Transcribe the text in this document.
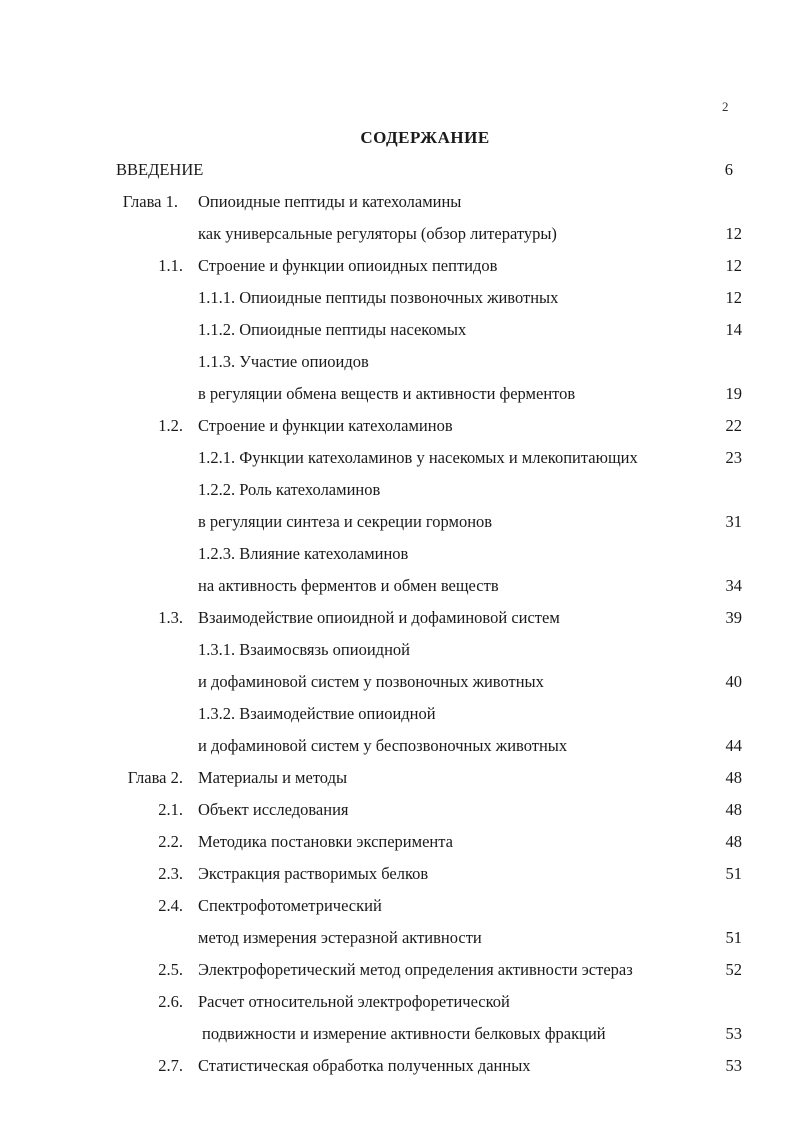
2
СОДЕРЖАНИЕ
ВВЕДЕНИЕ	6
Глава 1. Опиоидные пептиды и катехоламины
как универсальные регуляторы (обзор литературы)	12
1.1. Строение и функции опиоидных пептидов	12
1.1.1. Опиоидные пептиды позвоночных животных	12
1.1.2. Опиоидные пептиды насекомых	14
1.1.3. Участие опиоидов
в регуляции обмена веществ и активности ферментов	19
1.2. Строение и функции катехоламинов	22
1.2.1. Функции катехоламинов у насекомых и млекопитающих	23
1.2.2. Роль катехоламинов
в регуляции синтеза и секреции гормонов	31
1.2.3. Влияние катехоламинов
на активность ферментов и обмен веществ	34
1.3. Взаимодействие опиоидной и дофаминовой систем	39
1.3.1. Взаимосвязь опиоидной
и дофаминовой систем у позвоночных животных	40
1.3.2. Взаимодействие опиоидной
и дофаминовой систем у беспозвоночных животных	44
Глава 2. Материалы и методы	48
2.1. Объект исследования	48
2.2. Методика постановки эксперимента	48
2.3. Экстракция растворимых белков	51
2.4. Спектрофотометрический
метод измерения эстеразной активности	51
2.5. Электрофоретический метод определения активности эстераз	52
2.6. Расчет относительной электрофоретической
подвижности и измерение активности белковых фракций	53
2.7. Статистическая обработка полученных данных	53
